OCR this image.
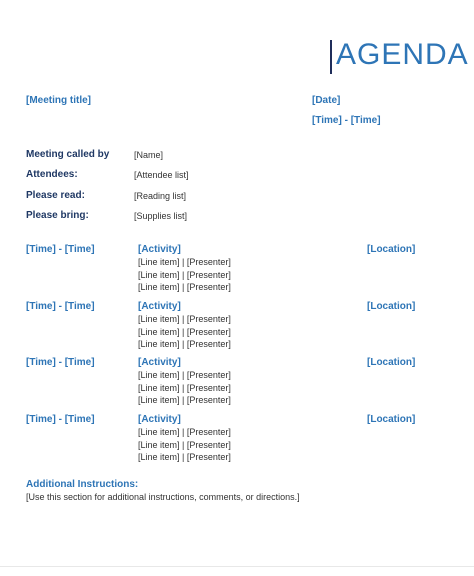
AGENDA
[Meeting title]	[Date]
[Time] - [Time]
Meeting called by	[Name]
Attendees:	[Attendee list]
Please read:	[Reading list]
Please bring:	[Supplies list]
[Time] - [Time]	[Activity]	[Location]
[Line item] | [Presenter]
[Line item] | [Presenter]
[Line item] | [Presenter]
[Time] - [Time]	[Activity]	[Location]
[Line item] | [Presenter]
[Line item] | [Presenter]
[Line item] | [Presenter]
[Time] - [Time]	[Activity]	[Location]
[Line item] | [Presenter]
[Line item] | [Presenter]
[Line item] | [Presenter]
[Time] - [Time]	[Activity]	[Location]
[Line item] | [Presenter]
[Line item] | [Presenter]
[Line item] | [Presenter]
Additional Instructions:
[Use this section for additional instructions, comments, or directions.]
